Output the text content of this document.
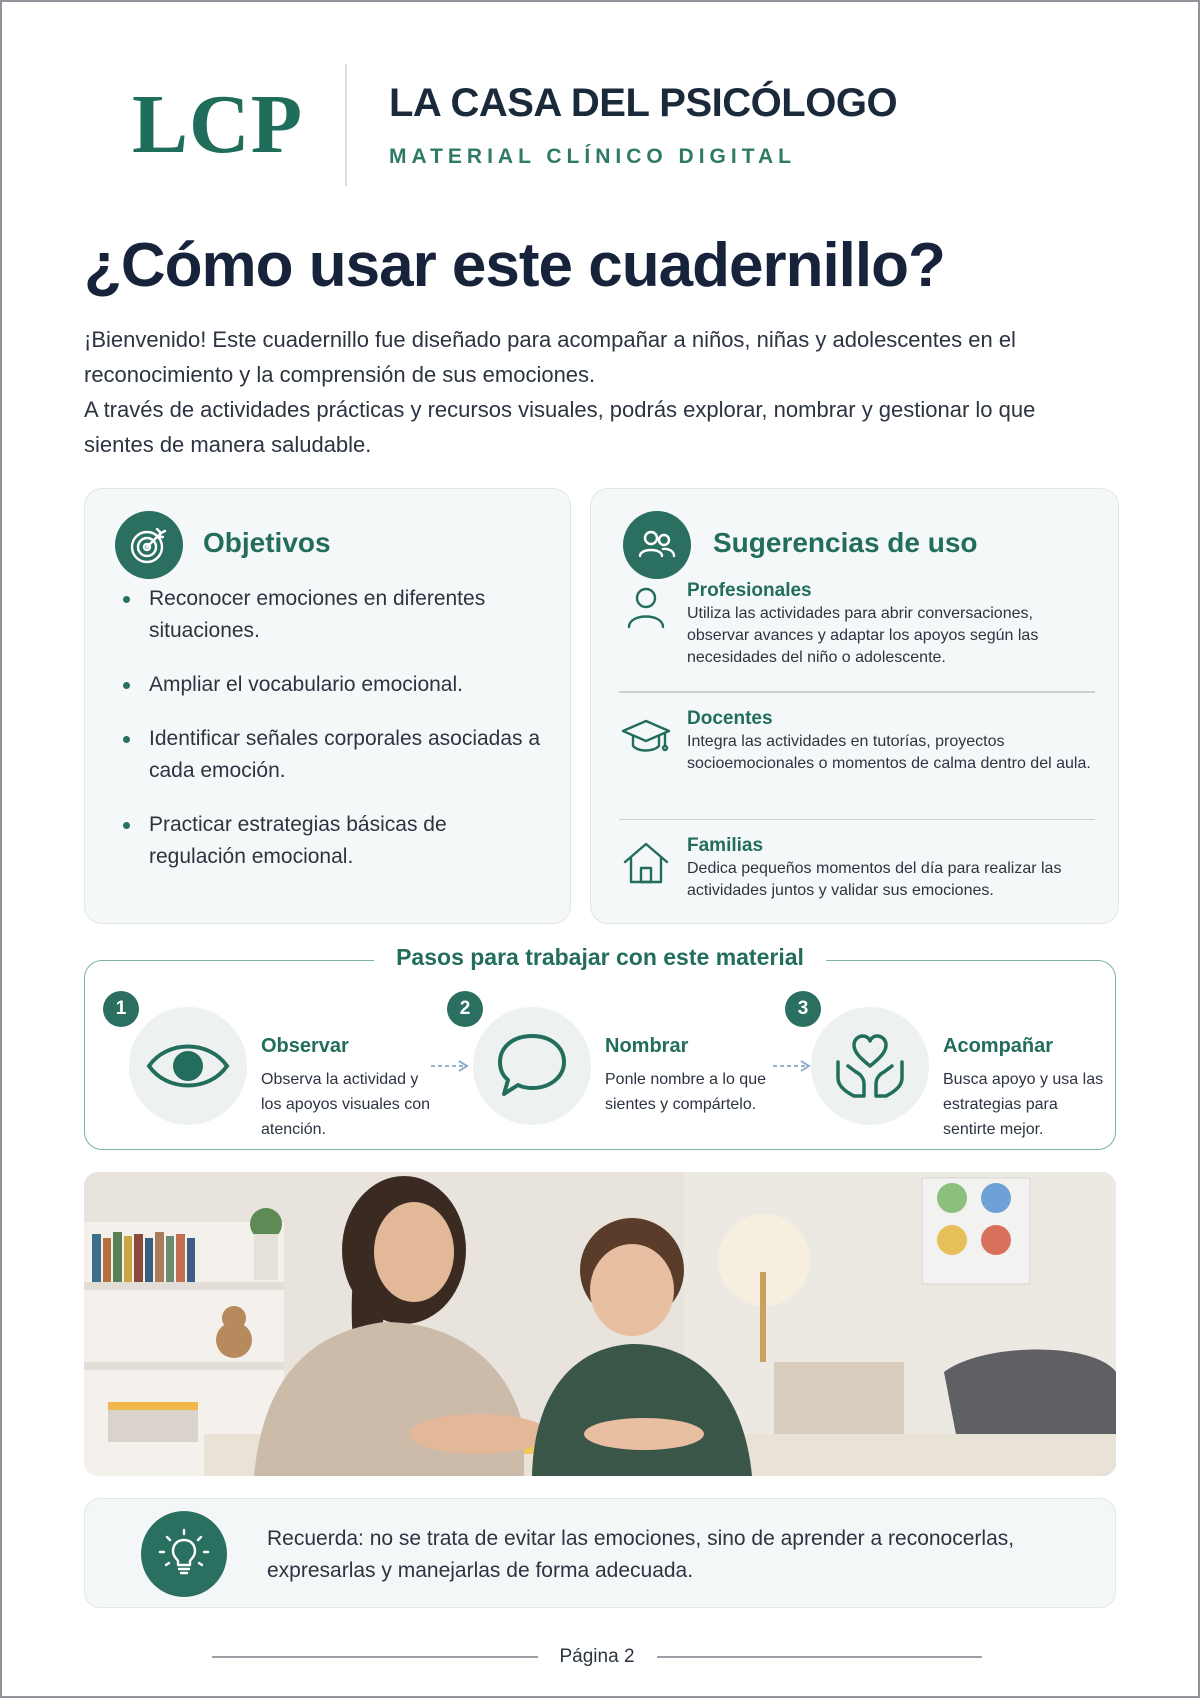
LCP	LA CASA DEL PSICÓLOGO
MATERIAL CLÍNICO DIGITAL
¿Cómo usar este cuadernillo?

¡Bienvenido! Este cuadernillo fue diseñado para acompañar a niños, niñas y adolescentes en el reconocimiento y la comprensión de sus emociones.

A través de actividades prácticas y recursos visuales, podrás explorar, nombrar y gestionar lo que sientes de manera saludable.

Objetivos
Reconocer emociones en diferentes situaciones.
Ampliar el vocabulario emocional.
Identificar señales corporales asociadas a cada emoción.
Practicar estrategias básicas de regulación emocional.
Sugerencias de uso
Profesionales
Utiliza las actividades para abrir conversaciones, observar avances y adaptar los apoyos según las necesidades del niño o adolescente.
Docentes
Integra las actividades en tutorías, proyectos socioemocionales o momentos de calma dentro del aula.
Familias
Dedica pequeños momentos del día para realizar las actividades juntos y validar sus emociones.
Pasos para trabajar con este material
1
Observar
Observa la actividad y los apoyos visuales con atención.
2
Nombrar
Ponle nombre a lo que sientes y compártelo.
3
Acompañar
Busca apoyo y usa las estrategias para sentirte mejor.
Recuerda: no se trata de evitar las emociones, sino de aprender a reconocerlas, expresarlas y manejarlas de forma adecuada.
Página 2
